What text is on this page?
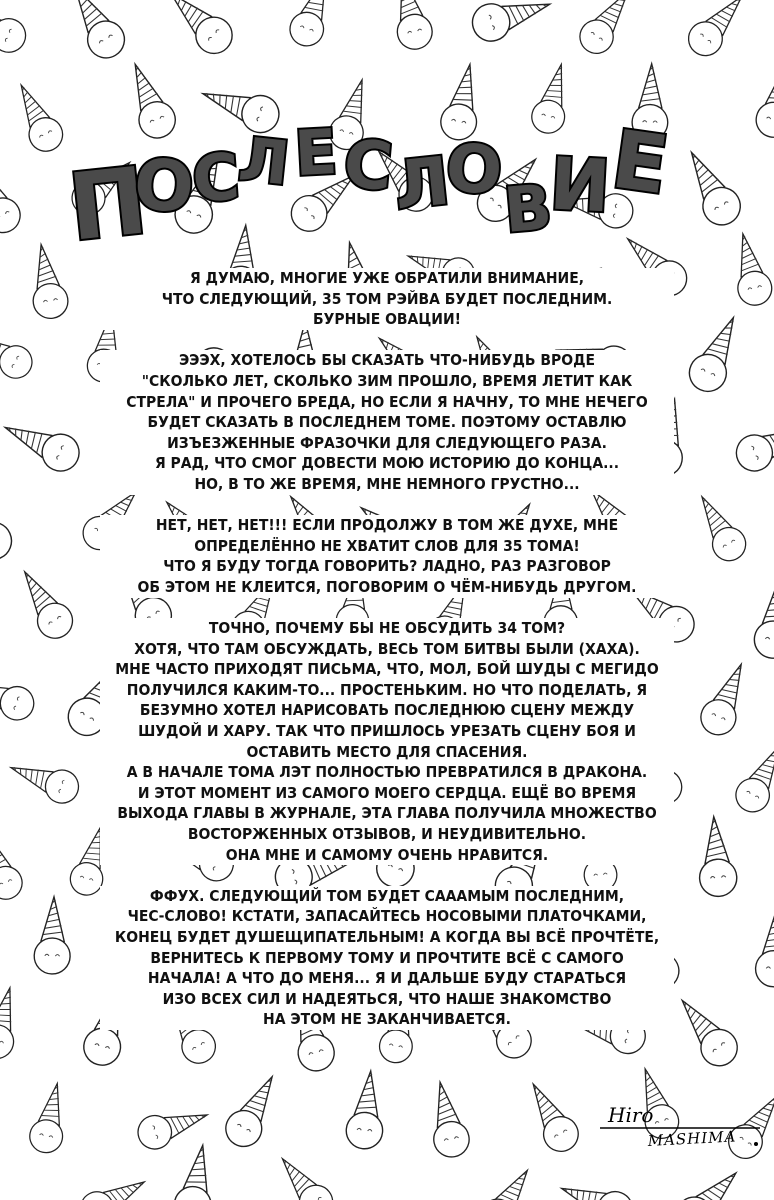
П
О
С
Л Е С
Л
О
В
И
Е
Я ДУМАЮ, МНОГИЕ УЖЕ ОБРАТИЛИ ВНИМАНИЕ,
ЧТО СЛЕДУЮЩИЙ, 35 ТОМ РЭЙВА БУДЕТ ПОСЛЕДНИМ.
БУРНЫЕ ОВАЦИИ!
ЭЭЭХ, ХОТЕЛОСЬ БЫ СКАЗАТЬ ЧТО-НИБУДЬ ВРОДЕ
"СКОЛЬКО ЛЕТ, СКОЛЬКО ЗИМ ПРОШЛО, ВРЕМЯ ЛЕТИТ КАК
СТРЕЛА" И ПРОЧЕГО БРЕДА, НО ЕСЛИ Я НАЧНУ, ТО МНЕ НЕЧЕГО
БУДЕТ СКАЗАТЬ В ПОСЛЕДНЕМ ТОМЕ. ПОЭТОМУ ОСТАВЛЮ
ИЗЪЕЗЖЕННЫЕ ФРАЗОЧКИ ДЛЯ СЛЕДУЮЩЕГО РАЗА.
Я РАД, ЧТО СМОГ ДОВЕСТИ МОЮ ИСТОРИЮ ДО КОНЦА...
НО, В ТО ЖЕ ВРЕМЯ, МНЕ НЕМНОГО ГРУСТНО...
НЕТ, НЕТ, НЕТ!!! ЕСЛИ ПРОДОЛЖУ В ТОМ ЖЕ ДУХЕ, МНЕ
ОПРЕДЕЛЁННО НЕ ХВАТИТ СЛОВ ДЛЯ 35 ТОМА!
ЧТО Я БУДУ ТОГДА ГОВОРИТЬ? ЛАДНО, РАЗ РАЗГОВОР
ОБ ЭТОМ НЕ КЛЕИТСЯ, ПОГОВОРИМ О ЧЁМ-НИБУДЬ ДРУГОМ.
ТОЧНО, ПОЧЕМУ БЫ НЕ ОБСУДИТЬ 34 ТОМ?
ХОТЯ, ЧТО ТАМ ОБСУЖДАТЬ, ВЕСЬ ТОМ БИТВЫ БЫЛИ (ХАХА).
МНЕ ЧАСТО ПРИХОДЯТ ПИСЬМА, ЧТО, МОЛ, БОЙ ШУДЫ С МЕГИДО
ПОЛУЧИЛСЯ КАКИМ-ТО... ПРОСТЕНЬКИМ. НО ЧТО ПОДЕЛАТЬ, Я
БЕЗУМНО ХОТЕЛ НАРИСОВАТЬ ПОСЛЕДНЮЮ СЦЕНУ МЕЖДУ
ШУДОЙ И ХАРУ. ТАК ЧТО ПРИШЛОСЬ УРЕЗАТЬ СЦЕНУ БОЯ И
ОСТАВИТЬ МЕСТО ДЛЯ СПАСЕНИЯ.
А В НАЧАЛЕ ТОМА ЛЭТ ПОЛНОСТЬЮ ПРЕВРАТИЛСЯ В ДРАКОНА.
И ЭТОТ МОМЕНТ ИЗ САМОГО МОЕГО СЕРДЦА. ЕЩЁ ВО ВРЕМЯ
ВЫХОДА ГЛАВЫ В ЖУРНАЛЕ, ЭТА ГЛАВА ПОЛУЧИЛА МНОЖЕСТВО
ВОСТОРЖЕННЫХ ОТЗЫВОВ, И НЕУДИВИТЕЛЬНО.
ОНА МНЕ И САМОМУ ОЧЕНЬ НРАВИТСЯ.
ФФУХ. СЛЕДУЮЩИЙ ТОМ БУДЕТ САААМЫМ ПОСЛЕДНИМ,
ЧЕС-СЛОВО! КСТАТИ, ЗАПАСАЙТЕСЬ НОСОВЫМИ ПЛАТОЧКАМИ,
КОНЕЦ БУДЕТ ДУШЕЩИПАТЕЛЬНЫМ! А КОГДА ВЫ ВСЁ ПРОЧТЁТЕ,
ВЕРНИТЕСЬ К ПЕРВОМУ ТОМУ И ПРОЧТИТЕ ВСЁ С САМОГО
НАЧАЛА! А ЧТО ДО МЕНЯ... Я И ДАЛЬШЕ БУДУ СТАРАТЬСЯ
ИЗО ВСЕХ СИЛ И НАДЕЯТЬСЯ, ЧТО НАШЕ ЗНАКОМСТВО
НА ЭТОМ НЕ ЗАКАНЧИВАЕТСЯ.
Hiro
MASHIMA
